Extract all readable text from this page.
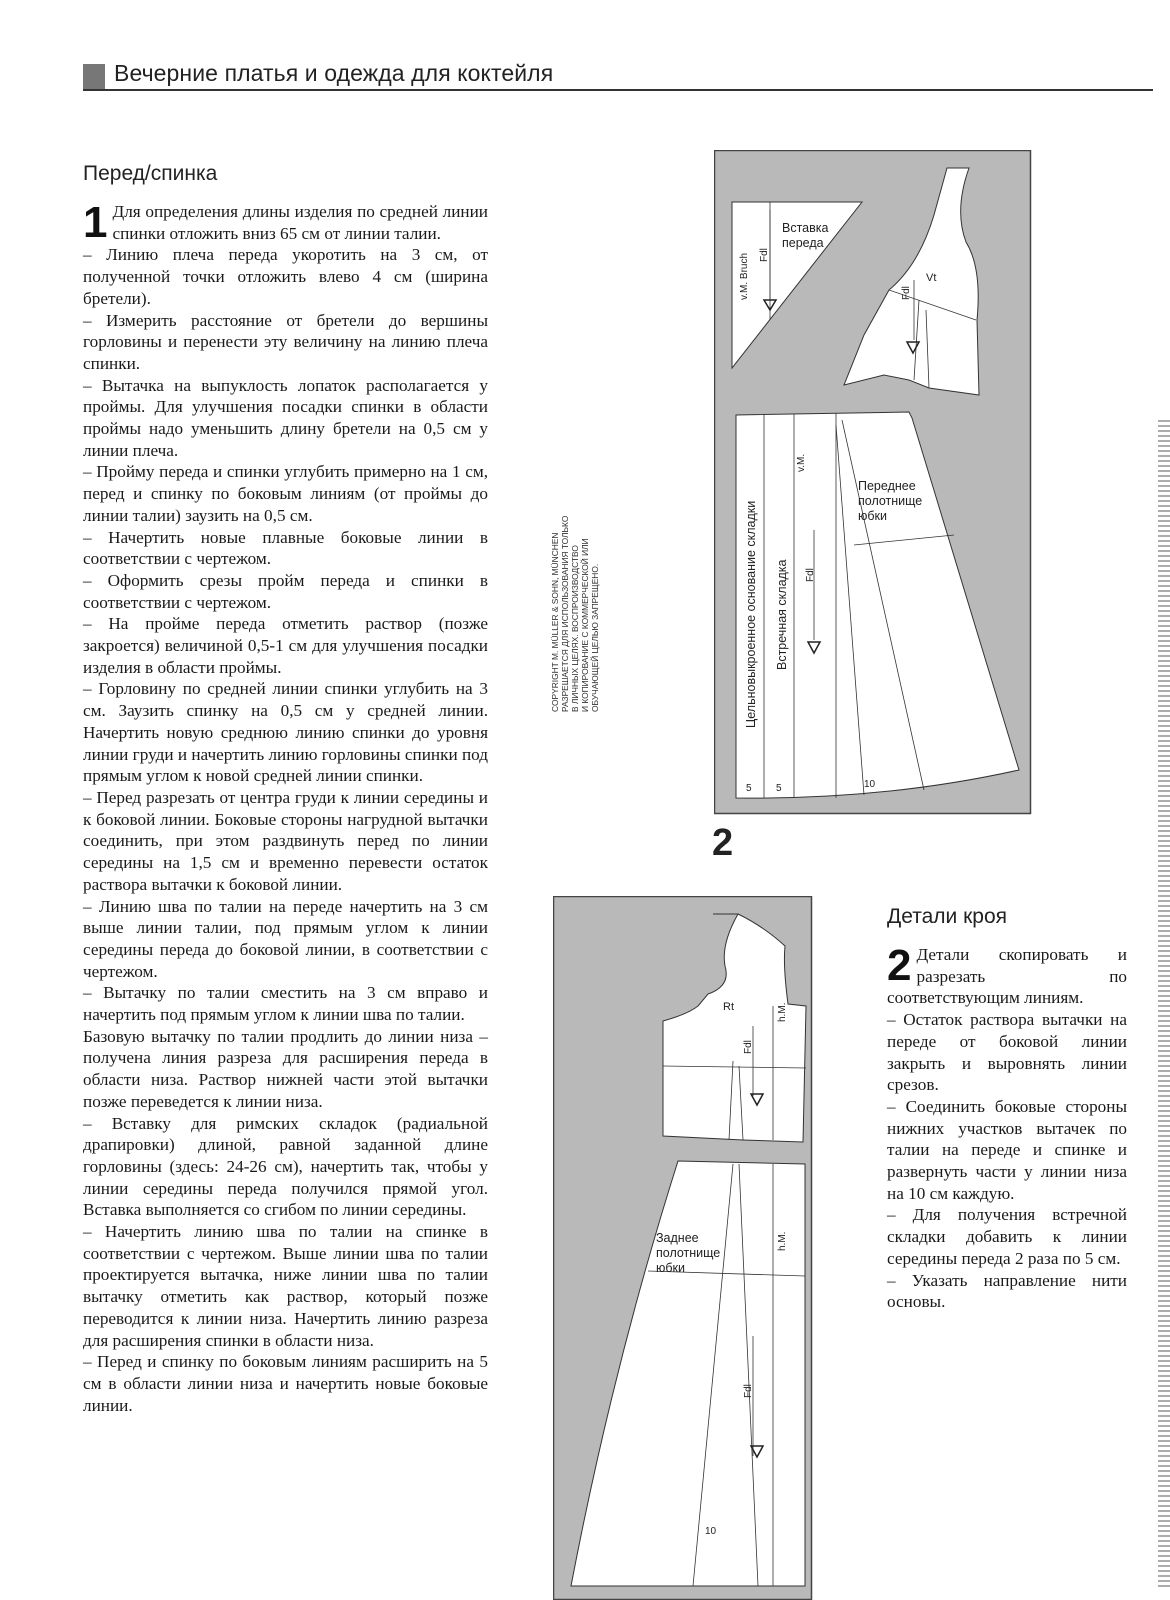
Вечерние платья и одежда для коктейля
Перед/спинка
1 Для определения длины изделия по средней линии спинки отложить вниз 65 см от линии талии.

– Линию плеча переда укоротить на 3 см, от полученной точки отложить влево 4 см (ширина бретели).

– Измерить расстояние от бретели до вершины горловины и перенести эту величину на линию плеча спинки.

– Вытачка на выпуклость лопаток располагается у проймы. Для улучшения посадки спинки в области проймы надо уменьшить длину бретели на 0,5 см у линии плеча.

– Пройму переда и спинки углубить примерно на 1 см, перед и спинку по боковым линиям (от проймы до линии талии) заузить на 0,5 см.

– Начертить новые плавные боковые линии в соответствии с чертежом.

– Оформить срезы пройм переда и спинки в соответствии с чертежом.

– На пройме переда отметить раствор (позже закроется) величиной 0,5-1 см для улучшения посадки изделия в области проймы.

– Горловину по средней линии спинки углубить на 3 см. Заузить спинку на 0,5 см у средней линии. Начертить новую среднюю линию спинки до уровня линии груди и начертить линию горловины спинки под прямым углом к новой средней линии спинки.

– Перед разрезать от центра груди к линии середины и к боковой линии. Боковые стороны нагрудной вытачки соединить, при этом раздвинуть перед по линии середины на 1,5 см и временно перевести остаток раствора вытачки к боковой линии.

– Линию шва по талии на переде начертить на 3 см выше линии талии, под прямым углом к линии середины переда до боковой линии, в соответствии с чертежом.

– Вытачку по талии сместить на 3 см вправо и начертить под прямым углом к линии шва по талии.

Базовую вытачку по талии продлить до линии низа – получена линия разреза для расширения переда в области низа. Раствор нижней части этой вытачки позже переведется к линии низа.

– Вставку для римских складок (радиальной драпировки) длиной, равной заданной длине горловины (здесь: 24-26 см), начертить так, чтобы у линии середины переда получился прямой угол. Вставка выполняется со сгибом по линии середины.

– Начертить линию шва по талии на спинке в соответствии с чертежом. Выше линии шва по талии проектируется вытачка, ниже линии шва по талии вытачку отметить как раствор, который позже переводится к линии низа. Начертить линию разреза для расширения спинки в области низа.

– Перед и спинку по боковым линиям расширить на 5 см в области линии низа и начертить новые боковые линии.

COPYRIGHT M. MÜLLER & SOHN, MÜNCHEN РАЗРЕШАЕТСЯ ДЛЯ ИСПОЛЬЗОВАНИЯ ТОЛЬКО В ЛИЧНЫХ ЦЕЛЯХ. ВОСПРОИЗВОДСТВО И КОПИРОВАНИЕ С КОММЕРЧЕСКОЙ ИЛИ ОБУЧАЮЩЕЙ ЦЕЛЬЮ ЗАПРЕЩЕНО.
Вставка
переда
v.M. Bruch Fdl
Fdl
Vt
Цельновыкроенное основание складки Встречная складка
v.M.
Fdl
Переднее
полотнище
юбки
5 5	10
2
Rt	h.M.
Fdl
Заднее
полотнище
юбки
h.M.
Fdl
10
Детали кроя
2 Детали скопировать и разрезать по соответствующим линиям.

– Остаток раствора вытачки на переде от боковой линии закрыть и выровнять линии срезов.

– Соединить боковые стороны нижних участков вытачек по талии на переде и спинке и развернуть части у линии низа на 10 см каждую.

– Для получения встречной складки добавить к линии середины переда 2 раза по 5 см.

– Указать направление нити основы.
